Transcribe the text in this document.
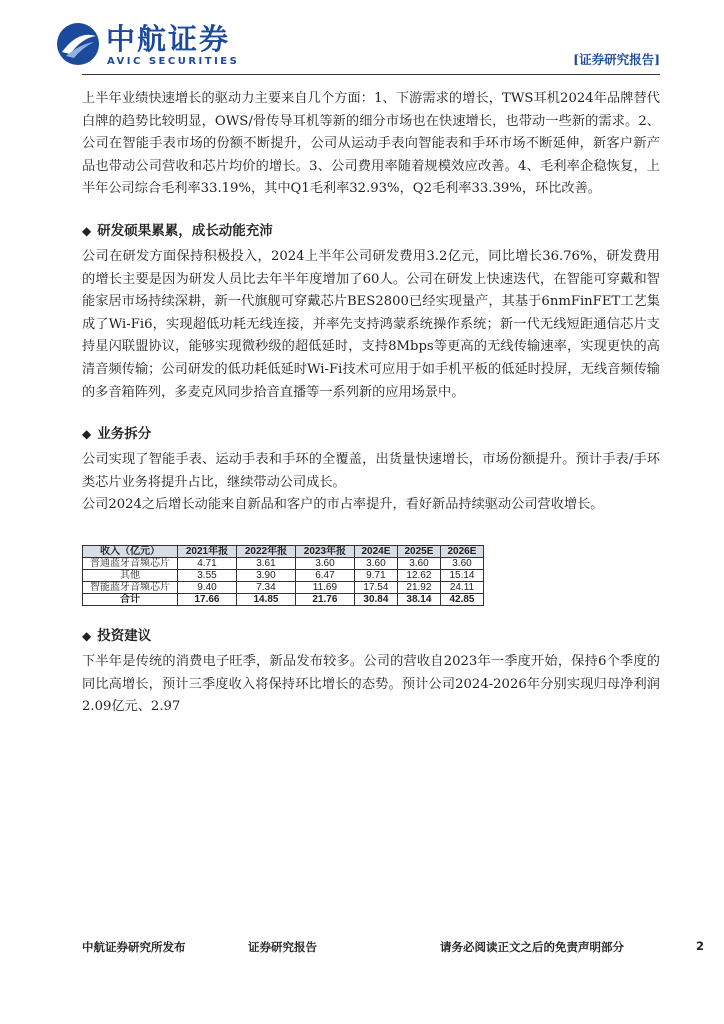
中航证券
AVIC SECURITIES	[证券研究报告]

上半年业绩快速增长的驱动力主要来自几个方面：1、下游需求的增长，TWS耳机2024年品牌替代白牌的趋势比较明显，OWS/骨传导耳机等新的细分市场也在快速增长，也带动一些新的需求。2、公司在智能手表市场的份额不断提升，公司从运动手表向智能表和手环市场不断延伸，新客户新产品也带动公司营收和芯片均价的增长。3、公司费用率随着规模效应改善。4、毛利率企稳恢复，上半年公司综合毛利率33.19%，其中Q1毛利率32.93%，Q2毛利率33.39%，环比改善。

◆ 研发硕果累累，成长动能充沛

公司在研发方面保持积极投入，2024上半年公司研发费用3.2亿元，同比增长36.76%，研发费用的增长主要是因为研发人员比去年半年度增加了60人。公司在研发上快速迭代，在智能可穿戴和智能家居市场持续深耕，新一代旗舰可穿戴芯片BES2800已经实现量产，其基于6nmFinFET工艺集成了Wi-Fi6，实现超低功耗无线连接，并率先支持鸿蒙系统操作系统；新一代无线短距通信芯片支持星闪联盟协议，能够实现微秒级的超低延时，支持8Mbps等更高的无线传输速率，实现更快的高清音频传输；公司研发的低功耗低延时Wi-Fi技术可应用于如手机平板的低延时投屏，无线音频传输的多音箱阵列，多麦克风同步拾音直播等一系列新的应用场景中。

◆ 业务拆分

公司实现了智能手表、运动手表和手环的全覆盖，出货量快速增长，市场份额提升。预计手表/手环类芯片业务将提升占比，继续带动公司成长。

公司2024之后增长动能来自新品和客户的市占率提升，看好新品持续驱动公司营收增长。

收入（亿元）	2021年报	2022年报	2023年报	2024E	2025E	2026E
普通蓝牙音频芯片	4.71	3.61	3.60	3.60	3.60	3.60
其他	3.55	3.90	6.47	9.71	12.62	15.14
智能蓝牙音频芯片	9.40	7.34	11.69	17.54	21.92	24.11
合计	17.66	14.85	21.76	30.84	38.14	42.85
◆ 投资建议

下半年是传统的消费电子旺季，新品发布较多。公司的营收自2023年一季度开始，保持6个季度的同比高增长，预计三季度收入将保持环比增长的态势。预计公司2024-2026年分别实现归母净利润2.09亿元、2.97

中航证券研究所发布	证券研究报告	请务必阅读正文之后的免责声明部分	2
